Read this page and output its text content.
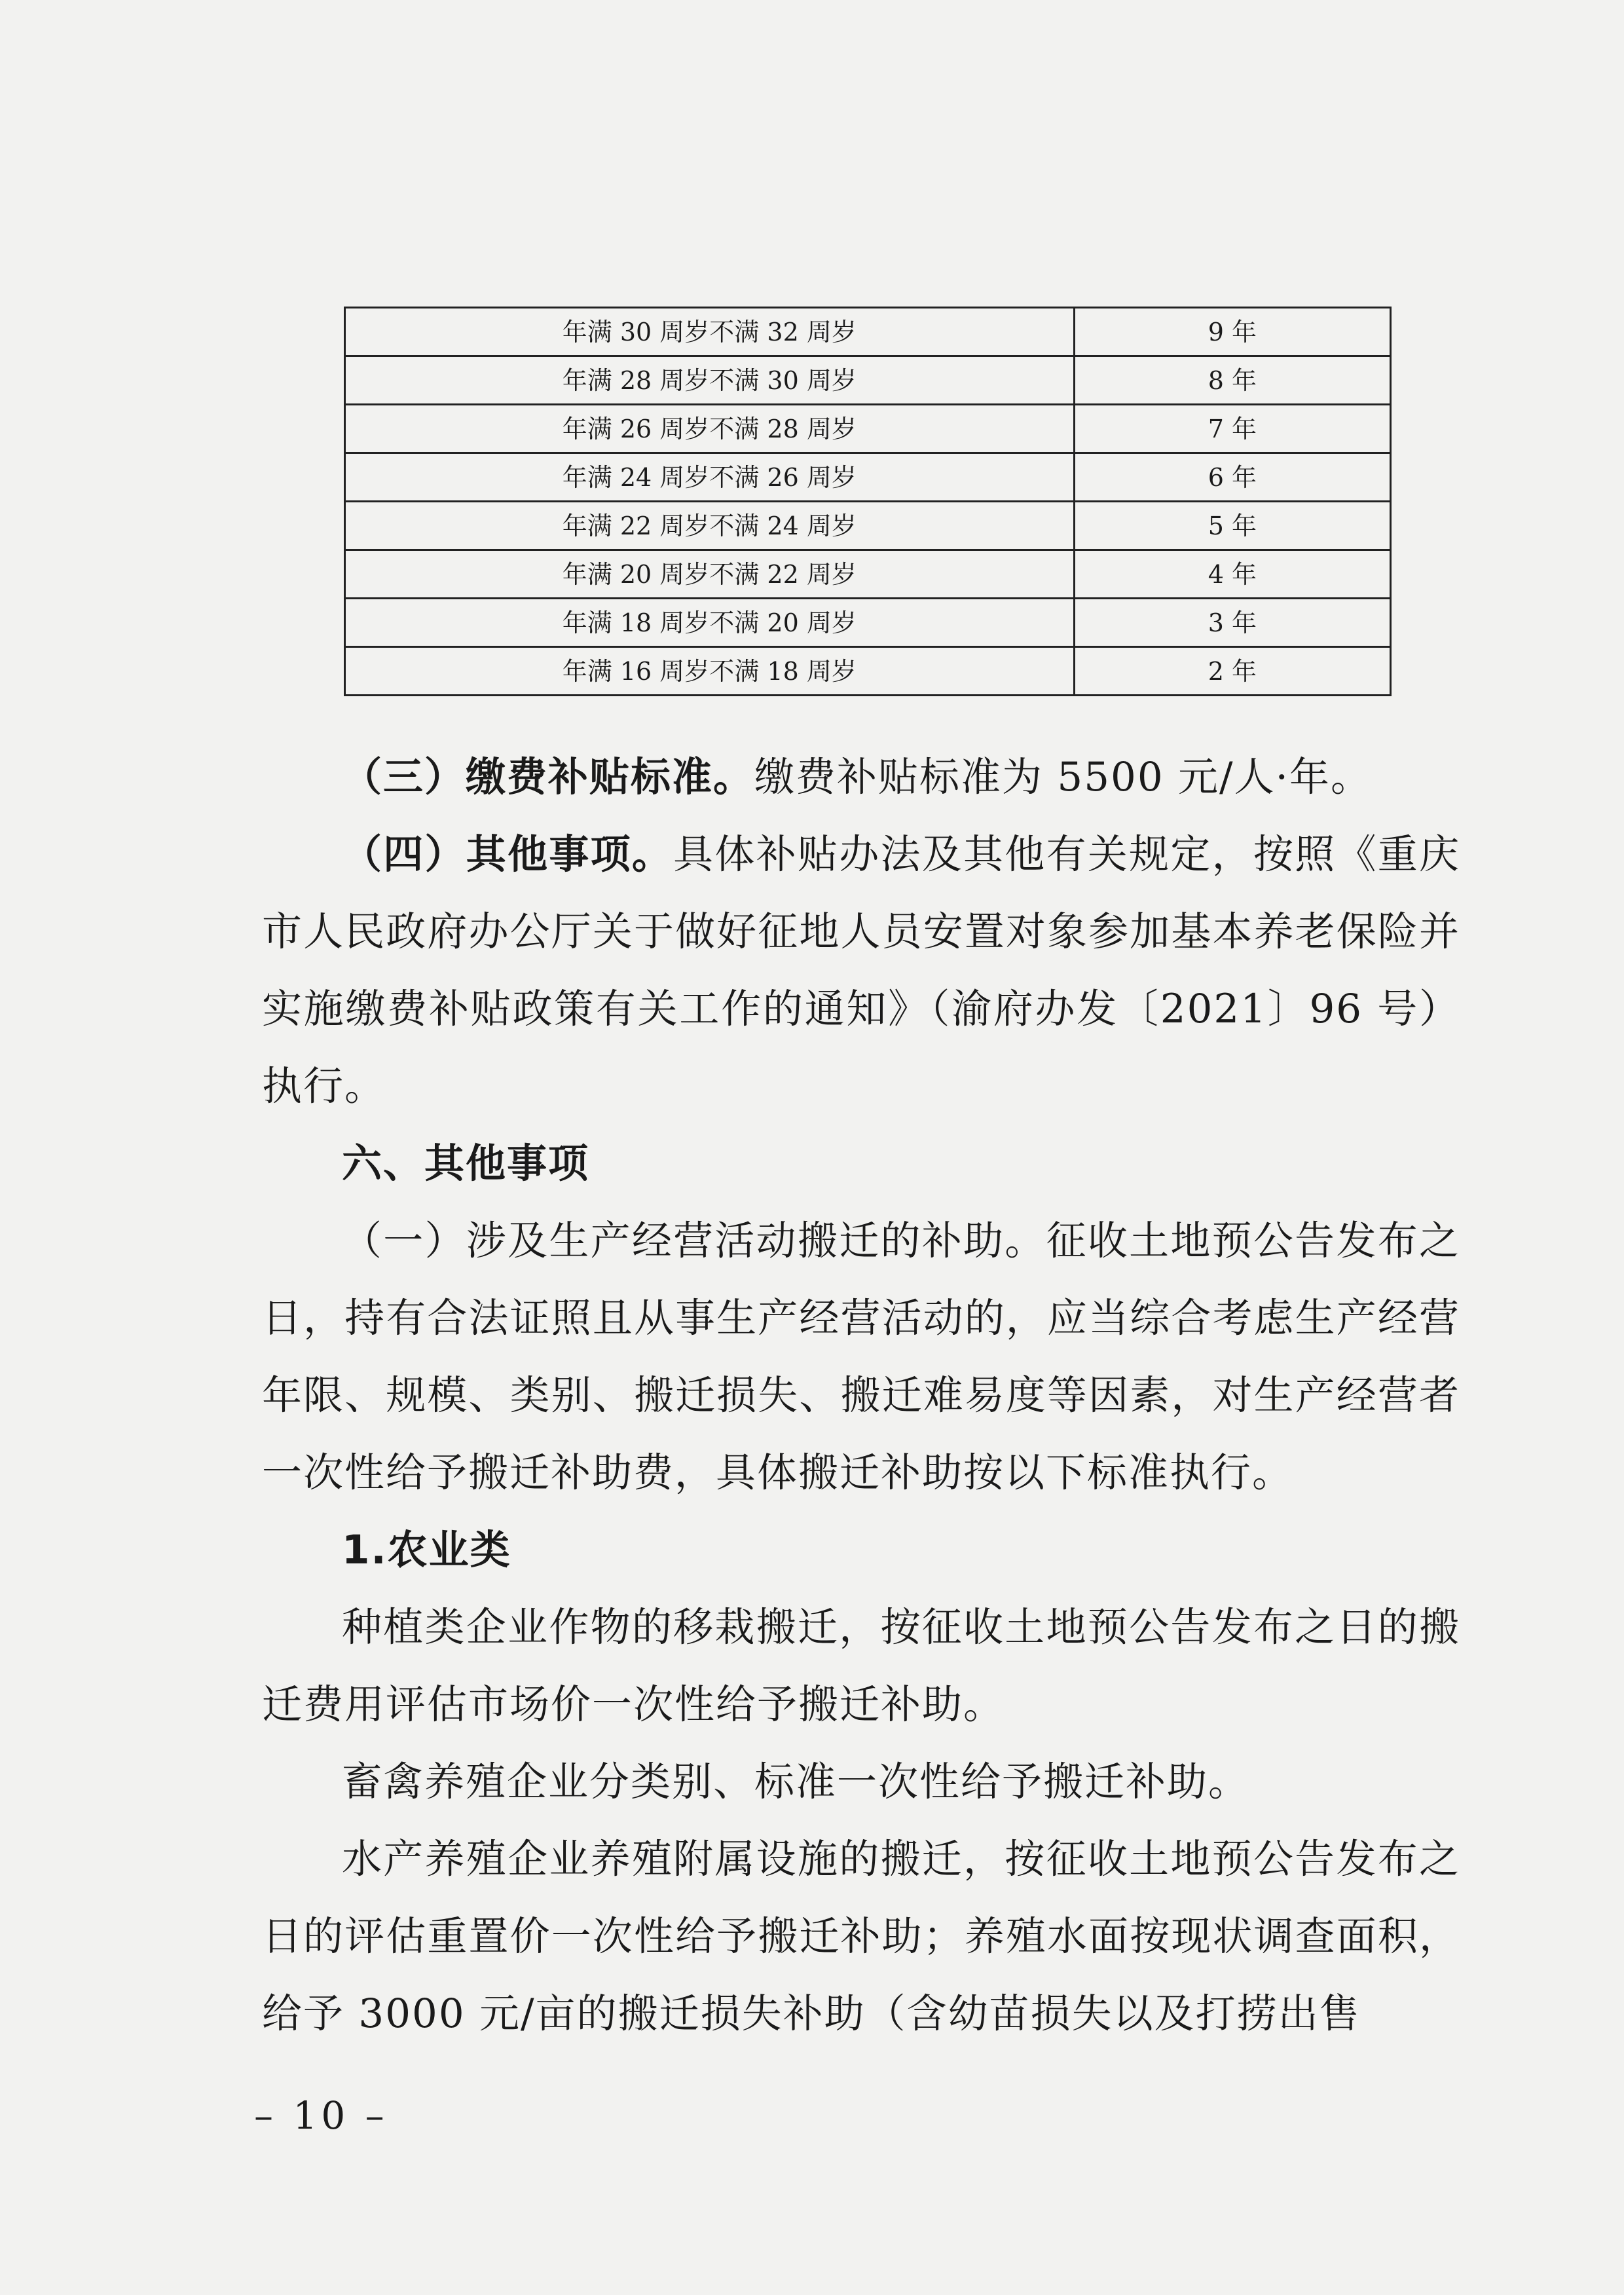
年满 30 周岁不满 32 周岁	9 年
年满 28 周岁不满 30 周岁	8 年
年满 26 周岁不满 28 周岁	7 年
年满 24 周岁不满 26 周岁	6 年
年满 22 周岁不满 24 周岁	5 年
年满 20 周岁不满 22 周岁	4 年
年满 18 周岁不满 20 周岁	3 年
年满 16 周岁不满 18 周岁	2 年

（三）缴费补贴标准。缴费补贴标准为 5500 元/人·年。

（四）其他事项。具体补贴办法及其他有关规定，按照《重庆市人民政府办公厅关于做好征地人员安置对象参加基本养老保险并实施缴费补贴政策有关工作的通知》（渝府办发〔2021〕96 号）执行。

六、其他事项

（一）涉及生产经营活动搬迁的补助。征收土地预公告发布之日，持有合法证照且从事生产经营活动的，应当综合考虑生产经营年限、规模、类别、搬迁损失、搬迁难易度等因素，对生产经营者一次性给予搬迁补助费，具体搬迁补助按以下标准执行。

1.农业类

种植类企业作物的移栽搬迁，按征收土地预公告发布之日的搬迁费用评估市场价一次性给予搬迁补助。

畜禽养殖企业分类别、标准一次性给予搬迁补助。

水产养殖企业养殖附属设施的搬迁，按征收土地预公告发布之日的评估重置价一次性给予搬迁补助；养殖水面按现状调查面积，给予 3000 元/亩的搬迁损失补助（含幼苗损失以及打捞出售

– 10 –
